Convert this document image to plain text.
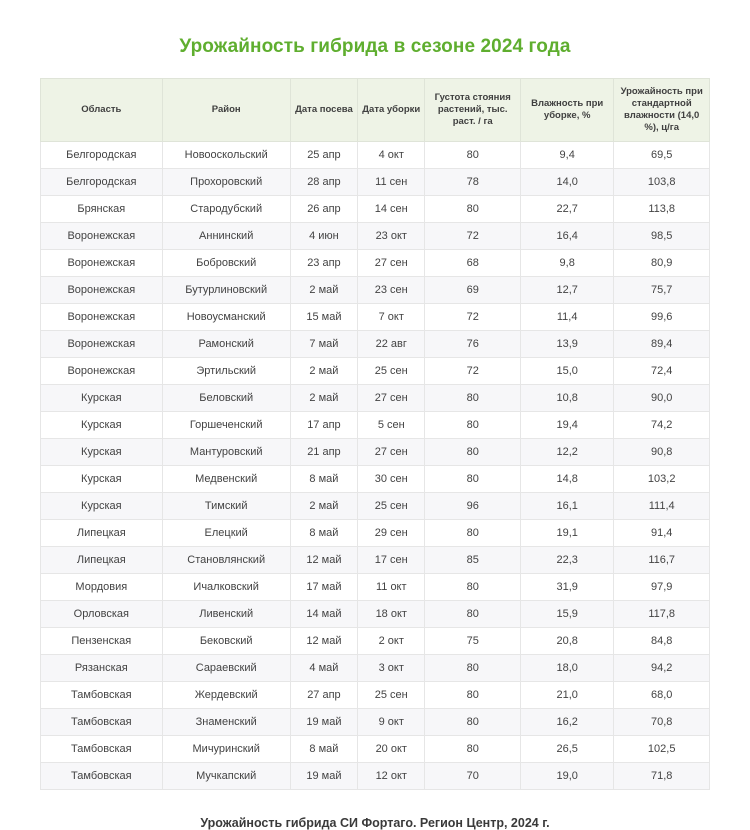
Урожайность гибрида в сезоне 2024 года
Область	Район	Дата посева	Дата уборки	Густота стояния растений, тыс. раст. / га	Влажность при уборке, %	Урожайность при стандартной влажности (14,0 %), ц/га
Белгородская	Новооскольский	25 апр	4 окт	80	9,4	69,5
Белгородская	Прохоровский	28 апр	11 сен	78	14,0	103,8
Брянская	Стародубский	26 апр	14 сен	80	22,7	113,8
Воронежская	Аннинский	4 июн	23 окт	72	16,4	98,5
Воронежская	Бобровский	23 апр	27 сен	68	9,8	80,9
Воронежская	Бутурлиновский	2 май	23 сен	69	12,7	75,7
Воронежская	Новоусманский	15 май	7 окт	72	11,4	99,6
Воронежская	Рамонский	7 май	22 авг	76	13,9	89,4
Воронежская	Эртильский	2 май	25 сен	72	15,0	72,4
Курская	Беловский	2 май	27 сен	80	10,8	90,0
Курская	Горшеченский	17 апр	5 сен	80	19,4	74,2
Курская	Мантуровский	21 апр	27 сен	80	12,2	90,8
Курская	Медвенский	8 май	30 сен	80	14,8	103,2
Курская	Тимский	2 май	25 сен	96	16,1	111,4
Липецкая	Елецкий	8 май	29 сен	80	19,1	91,4
Липецкая	Становлянский	12 май	17 сен	85	22,3	116,7
Мордовия	Ичалковский	17 май	11 окт	80	31,9	97,9
Орловская	Ливенский	14 май	18 окт	80	15,9	117,8
Пензенская	Бековский	12 май	2 окт	75	20,8	84,8
Рязанская	Сараевский	4 май	3 окт	80	18,0	94,2
Тамбовская	Жердевский	27 апр	25 сен	80	21,0	68,0
Тамбовская	Знаменский	19 май	9 окт	80	16,2	70,8
Тамбовская	Мичуринский	8 май	20 окт	80	26,5	102,5
Тамбовская	Мучкапский	19 май	12 окт	70	19,0	71,8
Урожайность гибрида СИ Фортаго. Регион Центр, 2024 г.
